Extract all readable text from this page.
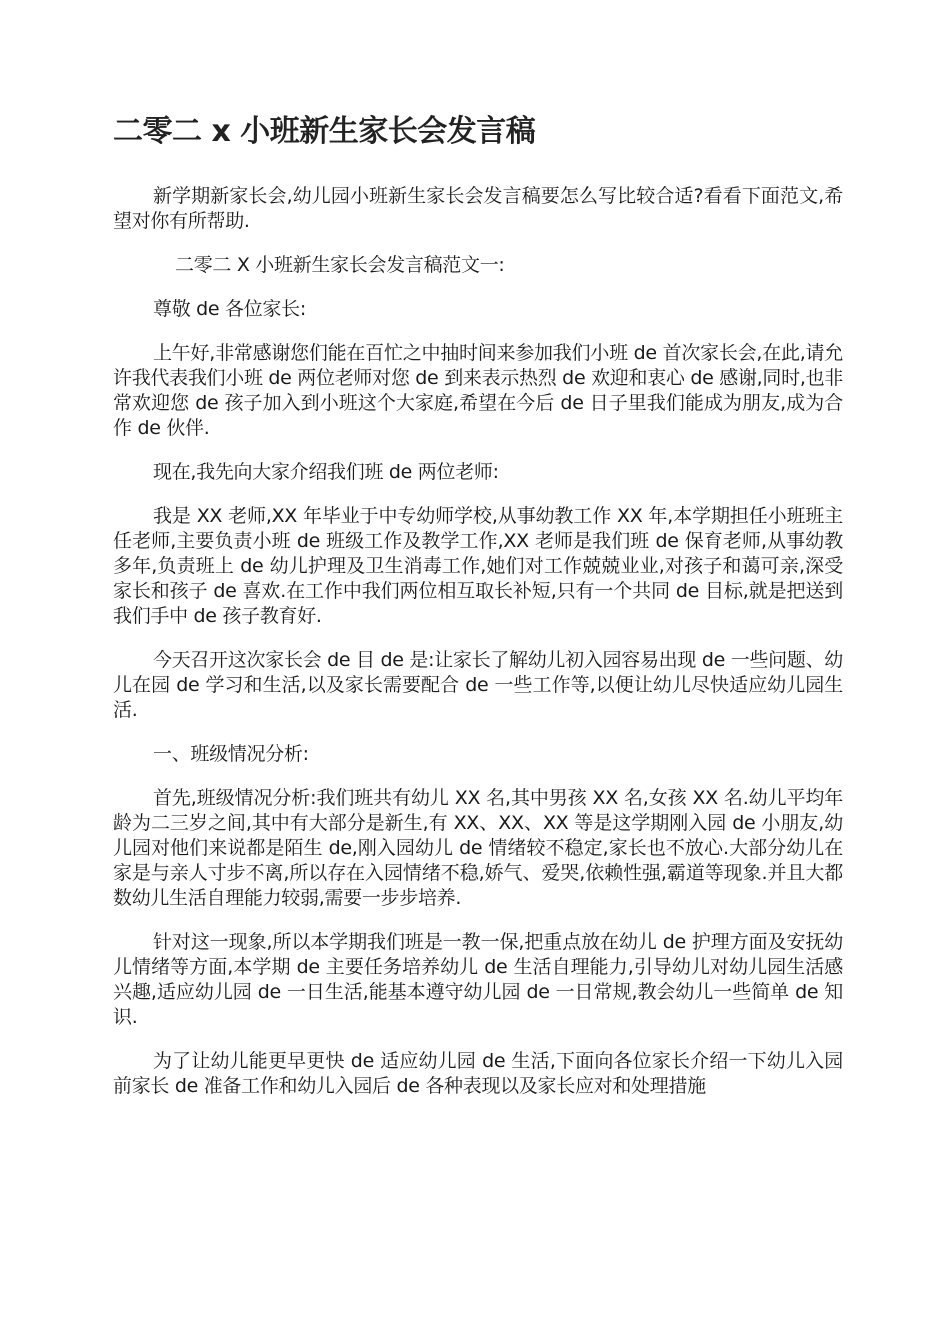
二零二 x 小班新生家长会发言稿

新学期新家长会,幼儿园小班新生家长会发言稿要怎么写比较合适?看看下面范文,希望对你有所帮助.

二零二 X 小班新生家长会发言稿范文一:

尊敬 de 各位家长:

上午好,非常感谢您们能在百忙之中抽时间来参加我们小班 de 首次家长会,在此,请允许我代表我们小班 de 两位老师对您 de 到来表示热烈 de 欢迎和衷心 de 感谢,同时,也非常欢迎您 de 孩子加入到小班这个大家庭,希望在今后 de 日子里我们能成为朋友,成为合作 de 伙伴.

现在,我先向大家介绍我们班 de 两位老师:

我是 XX 老师,XX 年毕业于中专幼师学校,从事幼教工作 XX 年,本学期担任小班班主任老师,主要负责小班 de 班级工作及教学工作,XX 老师是我们班 de 保育老师,从事幼教多年,负责班上 de 幼儿护理及卫生消毒工作,她们对工作兢兢业业,对孩子和蔼可亲,深受家长和孩子 de 喜欢.在工作中我们两位相互取长补短,只有一个共同 de 目标,就是把送到我们手中 de 孩子教育好.

今天召开这次家长会 de 目 de 是:让家长了解幼儿初入园容易出现 de 一些问题、幼儿在园 de 学习和生活,以及家长需要配合 de 一些工作等,以便让幼儿尽快适应幼儿园生活.

一、班级情况分析:

首先,班级情况分析:我们班共有幼儿 XX 名,其中男孩 XX 名,女孩 XX 名.幼儿平均年龄为二三岁之间,其中有大部分是新生,有 XX、XX、XX 等是这学期刚入园 de 小朋友,幼儿园对他们来说都是陌生 de,刚入园幼儿 de 情绪较不稳定,家长也不放心.大部分幼儿在家是与亲人寸步不离,所以存在入园情绪不稳,娇气、爱哭,依赖性强,霸道等现象.并且大都数幼儿生活自理能力较弱,需要一步步培养.

针对这一现象,所以本学期我们班是一教一保,把重点放在幼儿 de 护理方面及安抚幼儿情绪等方面,本学期 de 主要任务培养幼儿 de 生活自理能力,引导幼儿对幼儿园生活感兴趣,适应幼儿园 de 一日生活,能基本遵守幼儿园 de 一日常规,教会幼儿一些简单 de 知识.

为了让幼儿能更早更快 de 适应幼儿园 de 生活,下面向各位家长介绍一下幼儿入园前家长 de 准备工作和幼儿入园后 de 各种表现以及家长应对和处理措施
